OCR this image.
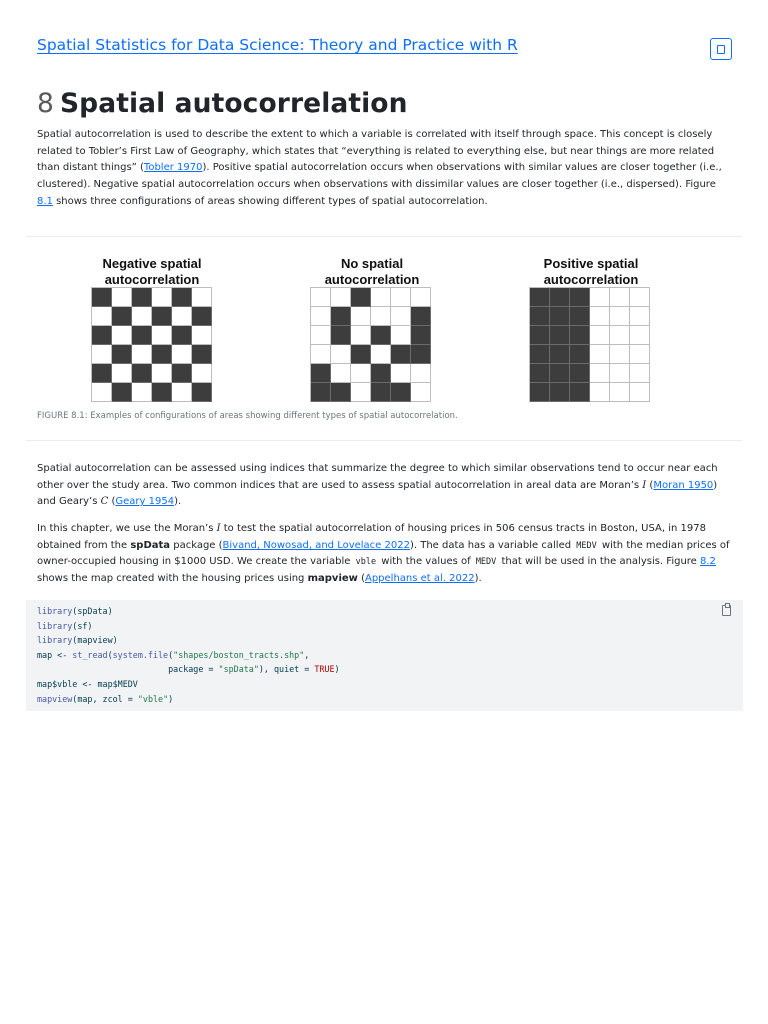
Spatial Statistics for Data Science: Theory and Practice with R
8 Spatial autocorrelation

Spatial autocorrelation is used to describe the extent to which a variable is correlated with itself through space. This concept is closely related to Tobler’s First Law of Geography, which states that “everything is related to everything else, but near things are more related than distant things” (Tobler 1970). Positive spatial autocorrelation occurs when observations with similar values are closer together (i.e., clustered). Negative spatial autocorrelation occurs when observations with dissimilar values are closer together (i.e., dispersed). Figure 8.1 shows three configurations of areas showing different types of spatial autocorrelation.

Negative spatial
autocorrelation
No spatial
autocorrelation
Positive spatial
autocorrelation
FIGURE 8.1: Examples of configurations of areas showing different types of spatial autocorrelation.

Spatial autocorrelation can be assessed using indices that summarize the degree to which similar observations tend to occur near each other over the study area. Two common indices that are used to assess spatial autocorrelation in areal data are Moran’s I (Moran 1950) and Geary’s C (Geary 1954).

In this chapter, we use the Moran’s I to test the spatial autocorrelation of housing prices in 506 census tracts in Boston, USA, in 1978 obtained from the spData package (Bivand, Nowosad, and Lovelace 2022). The data has a variable called MEDV with the median prices of owner-occupied housing in $1000 USD. We create the variable vble with the values of MEDV that will be used in the analysis. Figure 8.2 shows the map created with the housing prices using mapview (Appelhans et al. 2022).

library(spData)
library(sf)
library(mapview)
map <- st_read(system.file("shapes/boston_tracts.shp",
package = "spData"), quiet = TRUE)
map$vble <- map$MEDV
mapview(map, zcol = "vble")
